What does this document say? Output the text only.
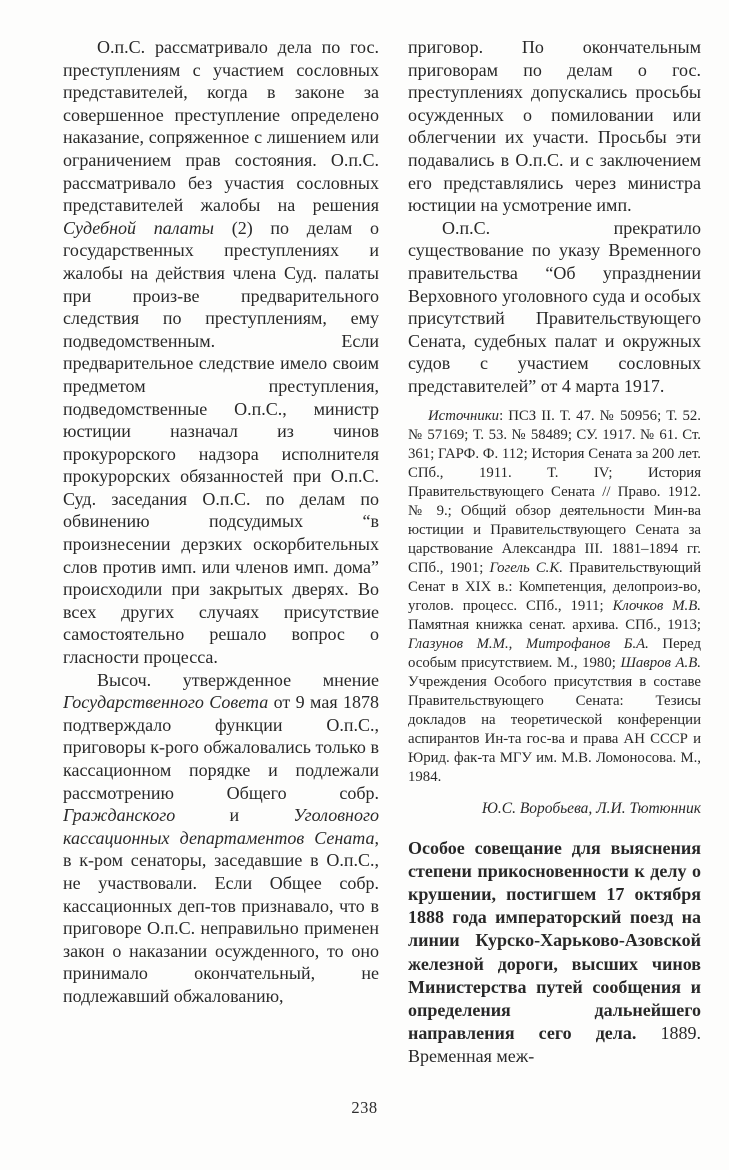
О.п.С. рассматривало дела по гос. преступлениям с участием сословных представителей, когда в законе за совершенное преступление определено наказание, сопряженное с лишением или ограничением прав состояния. О.п.С. рассматривало без участия сословных представителей жалобы на решения Судебной палаты (2) по делам о государственных преступлениях и жалобы на действия члена Суд. палаты при произ-ве предварительного следствия по преступлениям, ему подведомственным. Если предварительное следствие имело своим предметом преступления, подведомственные О.п.С., министр юстиции назначал из чинов прокурорского надзора исполнителя прокурорских обязанностей при О.п.С. Суд. заседания О.п.С. по делам по обвинению подсудимых “в произнесении дерзких оскорбительных слов против имп. или членов имп. дома” происходили при закрытых дверях. Во всех других случаях присутствие самостоятельно решало вопрос о гласности процесса.

Высоч. утвержденное мнение Государственного Совета от 9 мая 1878 подтверждало функции О.п.С., приговоры к-рого обжаловались только в кассационном порядке и подлежали рассмотрению Общего собр. Гражданского и Уголовного кассационных департаментов Сената, в к-ром сенаторы, заседавшие в О.п.С., не участвовали. Если Общее собр. кассационных деп-тов признавало, что в приговоре О.п.С. неправильно применен закон о наказании осужденного, то оно принимало окончательный, не подлежавший обжалованию,

приговор. По окончательным приговорам по делам о гос. преступлениях допускались просьбы осужденных о помиловании или облегчении их участи. Просьбы эти подавались в О.п.С. и с заключением его представлялись через министра юстиции на усмотрение имп.

О.п.С. прекратило существование по указу Временного правительства “Об упразднении Верховного уголовного суда и особых присутствий Правительствующего Сената, судебных палат и окружных судов с участием сословных представителей” от 4 марта 1917.

Источники: ПСЗ II. Т. 47. № 50956; Т. 52. № 57169; Т. 53. № 58489; СУ. 1917. № 61. Ст. 361; ГАРФ. Ф. 112; История Сената за 200 лет. СПб., 1911. Т. IV; История Правительствующего Сената // Право. 1912. № 9.; Общий обзор деятельности Мин-ва юстиции и Правительствующего Сената за царствование Александра III. 1881–1894 гг. СПб., 1901; Гогель С.К. Правительствующий Сенат в XIX в.: Компетенция, делопроиз-во, уголов. процесс. СПб., 1911; Клочков М.В. Памятная книжка сенат. архива. СПб., 1913; Глазунов М.М., Митрофанов Б.А. Перед особым присутствием. М., 1980; Шавров А.В. Учреждения Особого присутствия в составе Правительствующего Сената: Тезисы докладов на теоретической конференции аспирантов Ин-та гос-ва и права АН СССР и Юрид. фак-та МГУ им. М.В. Ломоносова. М., 1984.

Ю.С. Воробьева, Л.И. Тютюнник

Особое совещание для выяснения степени прикосновенности к делу о крушении, постигшем 17 октября 1888 года императорский поезд на линии Курско-Харьково-Азовской железной дороги, высших чинов Министерства путей сообщения и определения дальнейшего направления сего дела. 1889. Временная меж-

238
